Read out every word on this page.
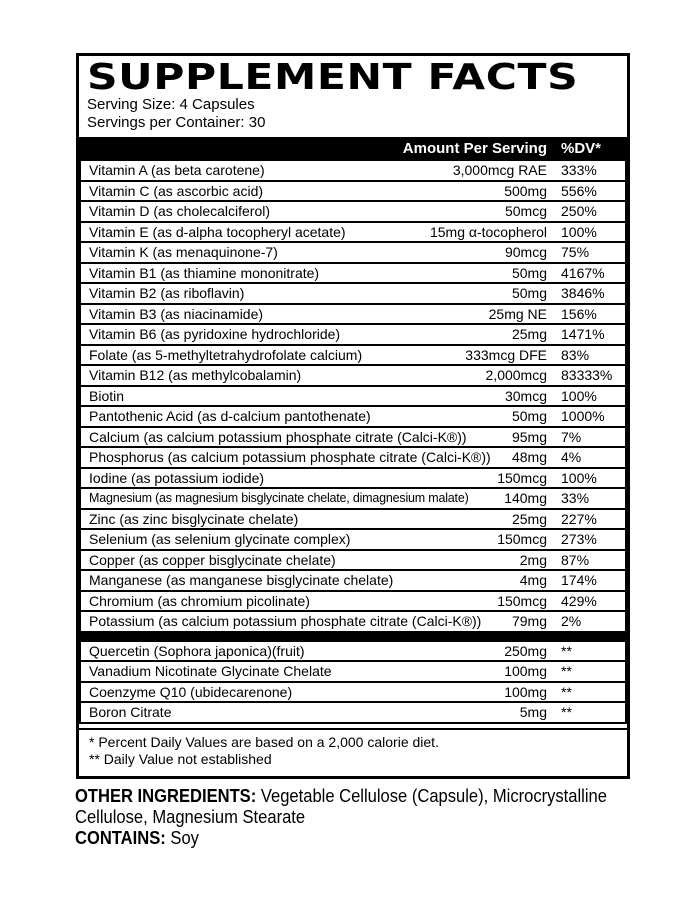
SUPPLEMENT FACTS
Serving Size: 4 Capsules
Servings per Container: 30
Amount Per Serving %DV*
Vitamin A (as beta carotene)	3,000mcg RAE	333%
Vitamin C (as ascorbic acid)	500mg	556%
Vitamin D (as cholecalciferol)	50mcg	250%
Vitamin E (as d-alpha tocopheryl acetate)	15mg α-tocopherol	100%
Vitamin K (as menaquinone-7)	90mcg	75%
Vitamin B1 (as thiamine mononitrate)	50mg	4167%
Vitamin B2 (as riboflavin)	50mg	3846%
Vitamin B3 (as niacinamide)	25mg NE	156%
Vitamin B6 (as pyridoxine hydrochloride)	25mg	1471%
Folate (as 5-methyltetrahydrofolate calcium)	333mcg DFE	83%
Vitamin B12 (as methylcobalamin)	2,000mcg	83333%
Biotin	30mcg	100%
Pantothenic Acid (as d-calcium pantothenate)	50mg	1000%
Calcium (as calcium potassium phosphate citrate (Calci-K®))	95mg	7%
Phosphorus (as calcium potassium phosphate citrate (Calci-K®))	48mg	4%
Iodine (as potassium iodide)	150mcg	100%
Magnesium (as magnesium bisglycinate chelate, dimagnesium malate)	140mg	33%
Zinc (as zinc bisglycinate chelate)	25mg	227%
Selenium (as selenium glycinate complex)	150mcg	273%
Copper (as copper bisglycinate chelate)	2mg	87%
Manganese (as manganese bisglycinate chelate)	4mg	174%
Chromium (as chromium picolinate)	150mcg	429%
Potassium (as calcium potassium phosphate citrate (Calci-K®))	79mg	2%
Quercetin (Sophora japonica)(fruit)	250mg	**
Vanadium Nicotinate Glycinate Chelate	100mg	**
Coenzyme Q10 (ubidecarenone)	100mg	**
Boron Citrate	5mg	**
* Percent Daily Values are based on a 2,000 calorie diet.
** Daily Value not established

OTHER INGREDIENTS: Vegetable Cellulose (Capsule), Microcrystalline Cellulose, Magnesium Stearate

CONTAINS: Soy
